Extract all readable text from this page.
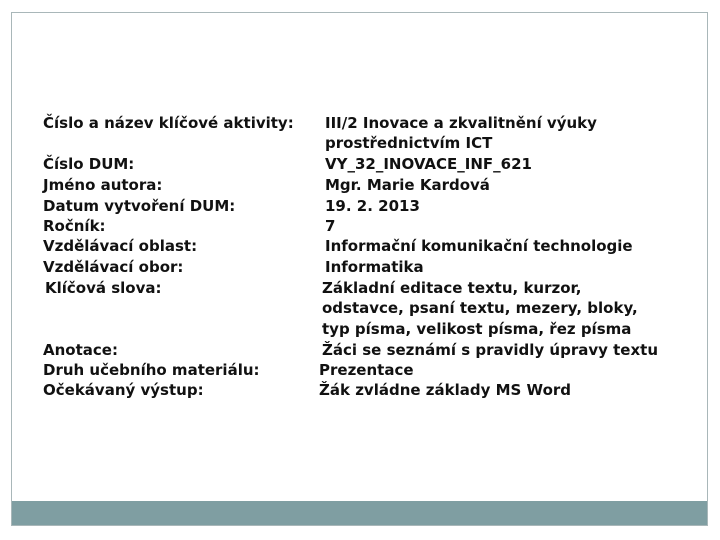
Číslo a název klíčové aktivity:
Číslo DUM:
Jméno autora:
Datum vytvoření DUM:
Ročník:
Vzdělávací oblast:
Vzdělávací obor:
Klíčová slova:
Anotace:
Druh učebního materiálu:
Očekávaný výstup:
III/2 Inovace a zkvalitnění výuky
prostřednictvím ICT
VY_32_INOVACE_INF_621
Mgr. Marie Kardová
19. 2. 2013
7
Informační komunikační technologie
Informatika
Základní editace textu, kurzor,
odstavce, psaní textu, mezery, bloky,
typ písma, velikost písma, řez písma
Žáci se seznámí s pravidly úpravy textu
Prezentace
Žák zvládne základy MS Word
